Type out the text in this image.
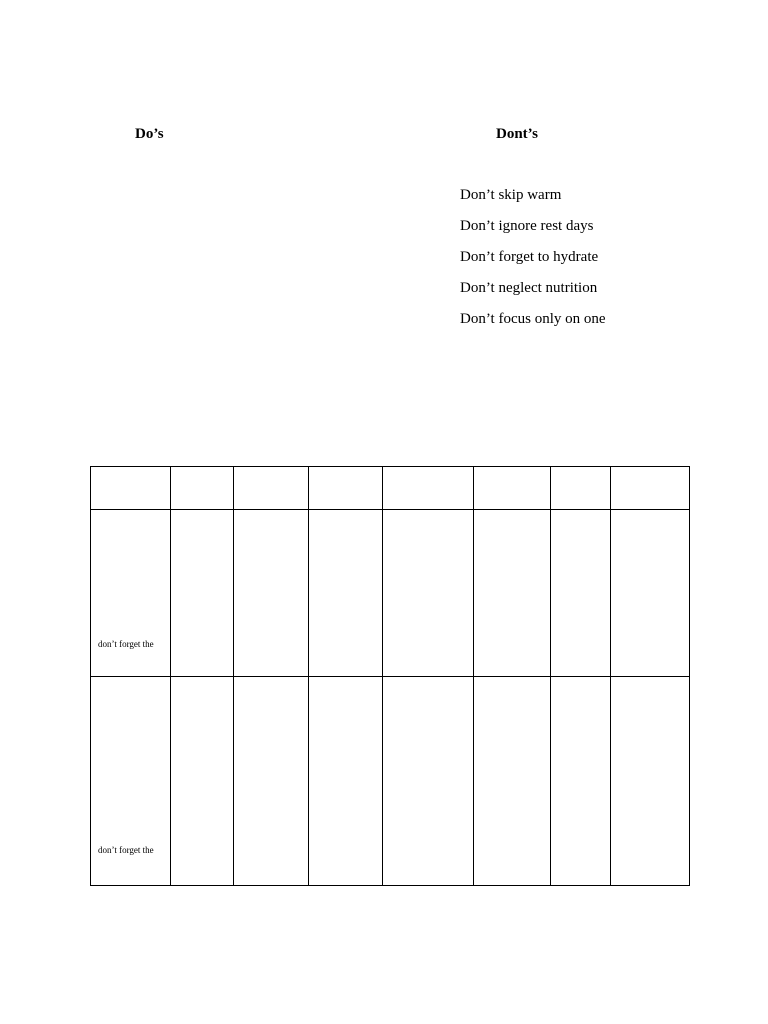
Do’s	Dont’s
Don’t skip warm
Don’t ignore rest days
Don’t forget to hydrate
Don’t neglect nutrition
Don’t focus only on one

don’t forget the							

don’t forget the							
